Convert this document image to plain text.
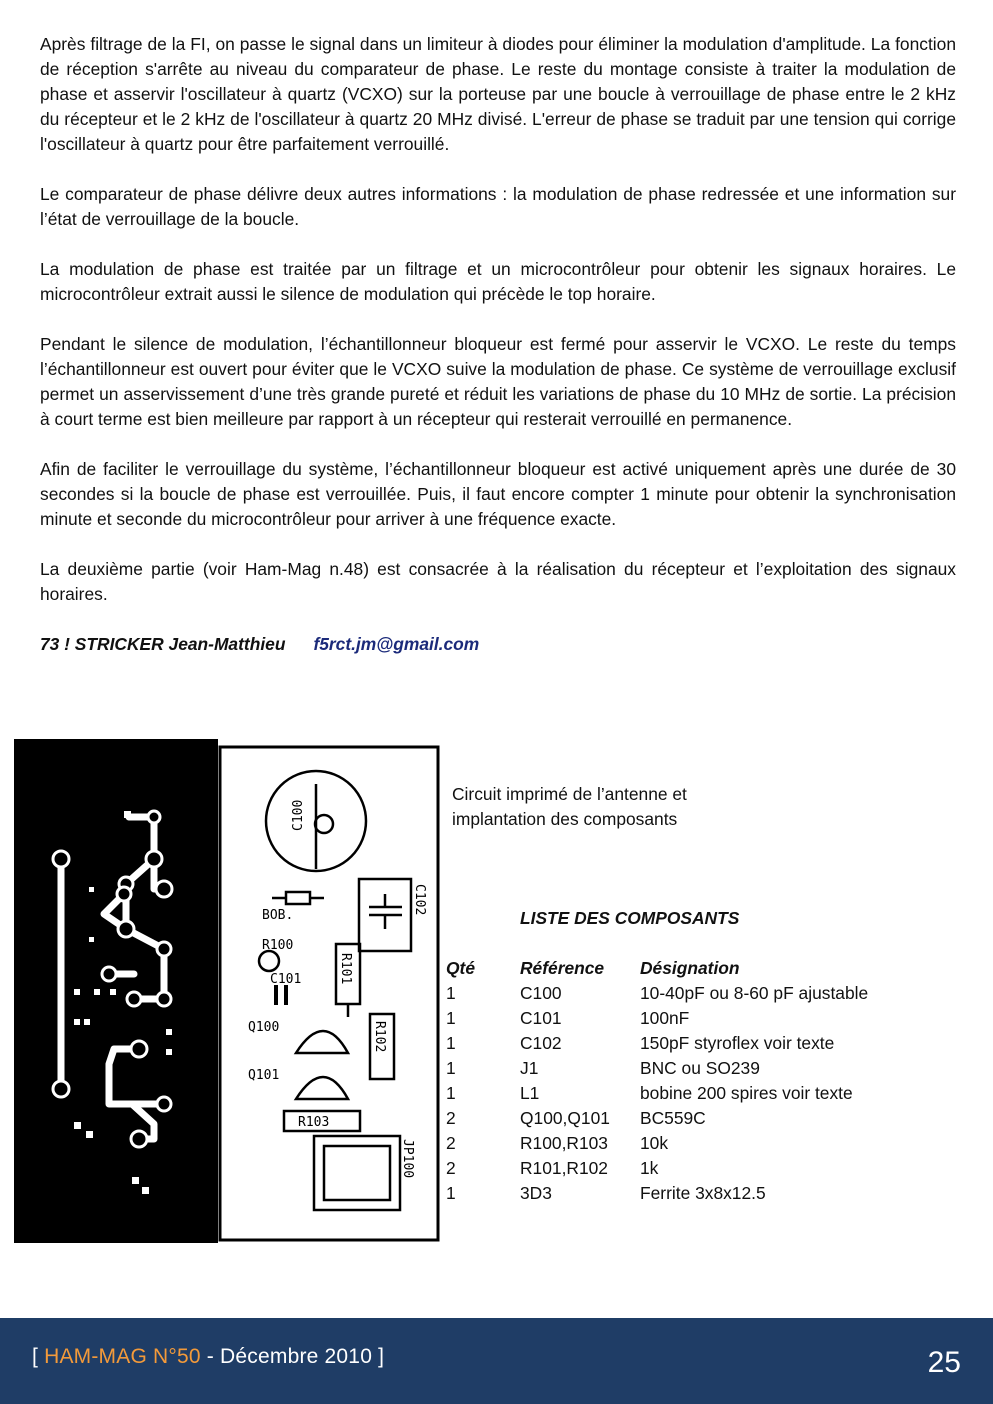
Après filtrage de la FI, on passe le signal dans un limiteur à diodes pour éliminer la modulation d'amplitude. La fonction de réception s'arrête au niveau du comparateur de phase. Le reste du montage consiste à traiter la modulation de phase et asservir l'oscillateur à quartz (VCXO) sur la porteuse par une boucle à verrouillage de phase entre le 2 kHz du récepteur et le 2 kHz de l'oscillateur à quartz 20 MHz divisé. L'erreur de phase se traduit par une tension qui corrige l'oscillateur à quartz pour être parfaitement verrouillé.

Le comparateur de phase délivre deux autres informations : la modulation de phase redressée et une information sur l’état de verrouillage de la boucle.

La modulation de phase est traitée par un filtrage et un microcontrôleur pour obtenir les signaux horaires. Le microcontrôleur extrait aussi le silence de modulation qui précède le top horaire.

Pendant le silence de modulation, l’échantillonneur bloqueur est fermé pour asservir le VCXO. Le reste du temps l’échantillonneur est ouvert pour éviter que le VCXO suive la modulation de phase. Ce système de verrouillage exclusif permet un asservissement d’une très grande pureté et réduit les variations de phase du 10 MHz de sortie. La précision à court terme est bien meilleure par rapport à un récepteur qui resterait verrouillé en permanence.

Afin de faciliter le verrouillage du système, l’échantillonneur bloqueur est activé uniquement après une durée de 30 secondes si la boucle de phase est verrouillée. Puis, il faut encore compter 1 minute pour obtenir la synchronisation minute et seconde du microcontrôleur pour arriver à une fréquence exacte.

La deuxième partie (voir Ham-Mag n.48) est consacrée à la réalisation du récepteur et l’exploitation des signaux horaires.

73 ! STRICKER Jean-Matthieu f5rct.jm@gmail.com
C100
C102
BOB.
R100
C101	R101
R102
Q100
Q101
R103
JP100
Circuit imprimé de l’antenne et implantation des composants
LISTE DES COMPOSANTS
Qté	Référence	Désignation
1	C100	10-40pF ou 8-60 pF ajustable
1	C101	100nF
1	C102	150pF styroflex voir texte
1	J1	BNC ou SO239
1	L1	bobine 200 spires voir texte
2	Q100,Q101	BC559C
2	R100,R103	10k
2	R101,R102	1k
1	3D3	Ferrite 3x8x12.5
[ HAM-MAG N°50 - Décembre 2010 ]	25
